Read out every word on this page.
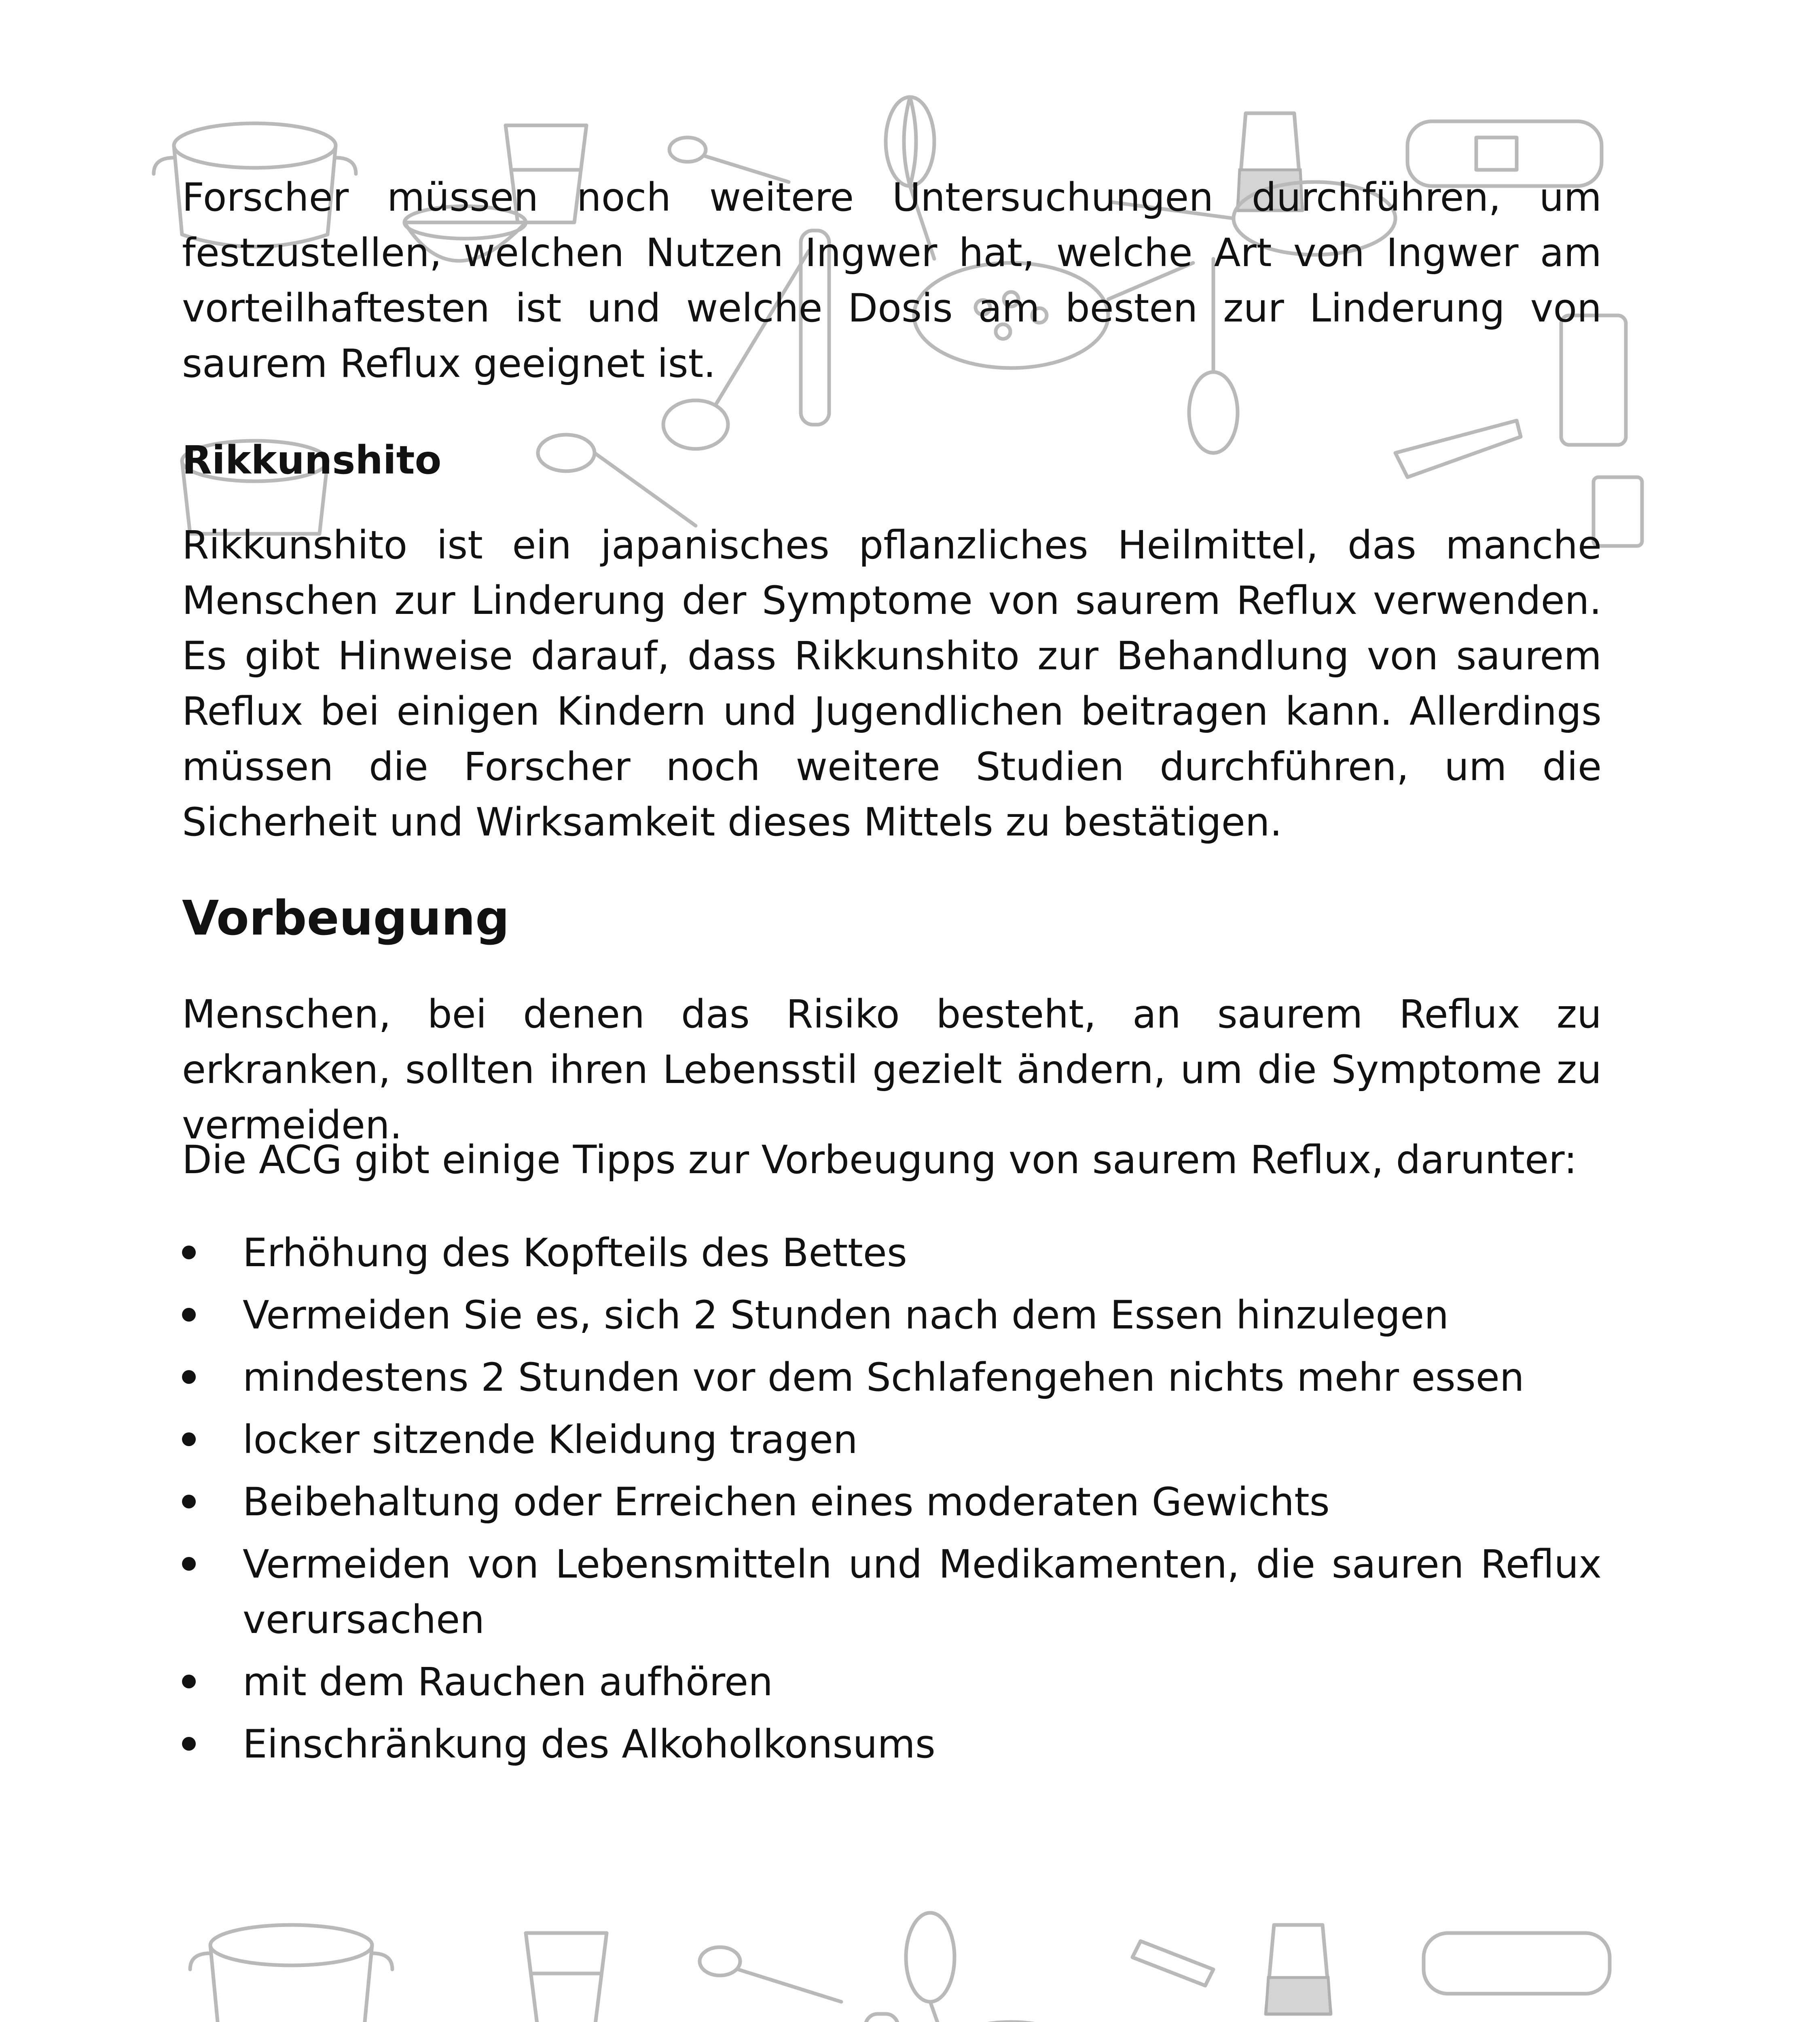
Forscher müssen noch weitere Untersuchungen durchführen, um festzustellen, welchen Nutzen Ingwer hat, welche Art von Ingwer am vorteilhaftesten ist und welche Dosis am besten zur Linderung von saurem Reflux geeignet ist.

Rikkunshito

Rikkunshito ist ein japanisches pflanzliches Heilmittel, das manche Menschen zur Linderung der Symptome von saurem Reflux verwenden. Es gibt Hinweise darauf, dass Rikkunshito zur Behandlung von saurem Reflux bei einigen Kindern und Jugendlichen beitragen kann. Allerdings müssen die Forscher noch weitere Studien durchführen, um die Sicherheit und Wirksamkeit dieses Mittels zu bestätigen.

Vorbeugung

Menschen, bei denen das Risiko besteht, an saurem Reflux zu erkranken, sollten ihren Lebensstil gezielt ändern, um die Symptome zu vermeiden.

Die ACG gibt einige Tipps zur Vorbeugung von saurem Reflux, darunter:

Erhöhung des Kopfteils des Bettes
Vermeiden Sie es, sich 2 Stunden nach dem Essen hinzulegen
mindestens 2 Stunden vor dem Schlafengehen nichts mehr essen
locker sitzende Kleidung tragen
Beibehaltung oder Erreichen eines moderaten Gewichts
Vermeiden von Lebensmitteln und Medikamenten, die sauren Reflux verursachen
mit dem Rauchen aufhören
Einschränkung des Alkoholkonsums
